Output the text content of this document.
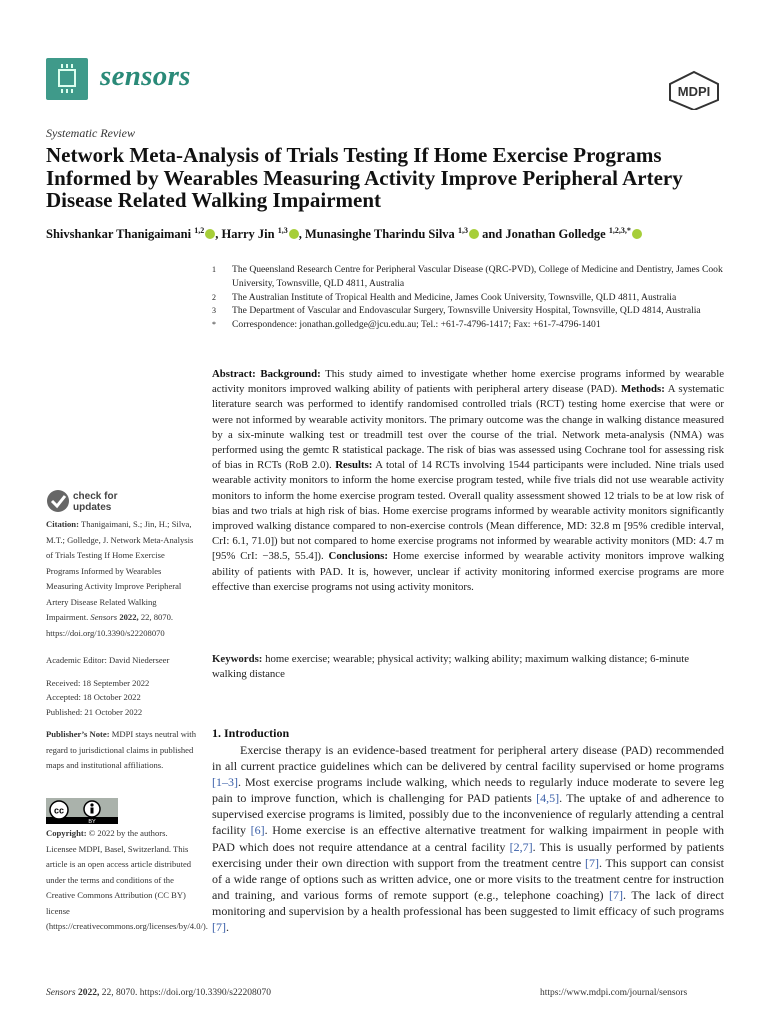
sensors	MDPI
Systematic Review
Network Meta-Analysis of Trials Testing If Home Exercise Programs Informed by Wearables Measuring Activity Improve Peripheral Artery Disease Related Walking Impairment
Shivshankar Thanigaimani $^{1,2}$ , Harry Jin $^{1,3}$ , Munasinghe Tharindu Silva $^{1,3}$ and Jonathan Golledge $^{1,2,3,*}$
1	The Queensland Research Centre for Peripheral Vascular Disease (QRC-PVD), College of Medicine and Dentistry, James Cook University, Townsville, QLD 4811, Australia
2	The Australian Institute of Tropical Health and Medicine, James Cook University, Townsville, QLD 4811, Australia
3	The Department of Vascular and Endovascular Surgery, Townsville University Hospital, Townsville, QLD 4814, Australia
*	Correspondence: jonathan.golledge@jcu.edu.au; Tel.: +61-7-4796-1417; Fax: +61-7-4796-1401
Abstract: Background: This study aimed to investigate whether home exercise programs informed by wearable activity monitors improved walking ability of patients with peripheral artery disease (PAD). Methods: A systematic literature search was performed to identify randomised controlled trials (RCT) testing home exercise that were or were not informed by wearable activity monitors. The primary outcome was the change in walking distance measured by a six-minute walking test or treadmill test over the course of the trial. Network meta-analysis (NMA) was performed using the gemtc R statistical package. The risk of bias was assessed using Cochrane tool for assessing risk of bias in RCTs (RoB 2.0). Results: A total of 14 RCTs involving 1544 participants were included. Nine trials used wearable activity monitors to inform the home exercise program tested, while five trials did not use wearable activity monitors to inform the home exercise program tested. Overall quality assessment showed 12 trials to be at low risk of bias and two trials at high risk of bias. Home exercise programs informed by wearable activity monitors significantly improved walking distance compared to non-exercise controls (Mean difference, MD: 32.8 m [95% credible interval, CrI: 6.1, 71.0]) but not compared to home exercise programs not informed by wearable activity monitors (MD: 4.7 m [95% CrI: −38.5, 55.4]). Conclusions: Home exercise informed by wearable activity monitors improve walking ability of patients with PAD. It is, however, unclear if activity monitoring informed exercise programs are more effective than exercise programs not using activity monitors.
Keywords: home exercise; wearable; physical activity; walking ability; maximum walking distance; 6-minute walking distance
check for
updates
Citation: Thanigaimani, S.; Jin, H.; Silva, M.T.; Golledge, J. Network Meta-Analysis of Trials Testing If Home Exercise Programs Informed by Wearables Measuring Activity Improve Peripheral Artery Disease Related Walking Impairment. Sensors 2022, 22, 8070. https://doi.org/10.3390/s22208070
Academic Editor: David Niederseer
Received: 18 September 2022
Accepted: 18 October 2022
Published: 21 October 2022
Publisher’s Note: MDPI stays neutral with regard to jurisdictional claims in published maps and institutional affiliations.
cc
BY
Copyright: © 2022 by the authors. Licensee MDPI, Basel, Switzerland. This article is an open access article distributed under the terms and conditions of the Creative Commons Attribution (CC BY) license (https://creativecommons.org/licenses/by/4.0/).
1. Introduction
Exercise therapy is an evidence-based treatment for peripheral artery disease (PAD) recommended in all current practice guidelines which can be delivered by central facility supervised or home programs [1–3]. Most exercise programs include walking, which needs to regularly induce moderate to severe leg pain to improve function, which is challenging for PAD patients [4,5]. The uptake of and adherence to supervised exercise programs is limited, possibly due to the inconvenience of regularly attending a central facility [6]. Home exercise is an effective alternative treatment for walking impairment in people with PAD which does not require attendance at a central facility [2,7]. This is usually performed by patients exercising under their own direction with support from the treatment centre [7]. This support can consist of a wide range of options such as written advice, one or more visits to the treatment centre for instruction and training, and various forms of remote support (e.g., telephone coaching) [7]. The lack of direct monitoring and supervision by a health professional has been suggested to limit efficacy of such programs [7].
Sensors 2022, 22, 8070. https://doi.org/10.3390/s22208070	https://www.mdpi.com/journal/sensors
